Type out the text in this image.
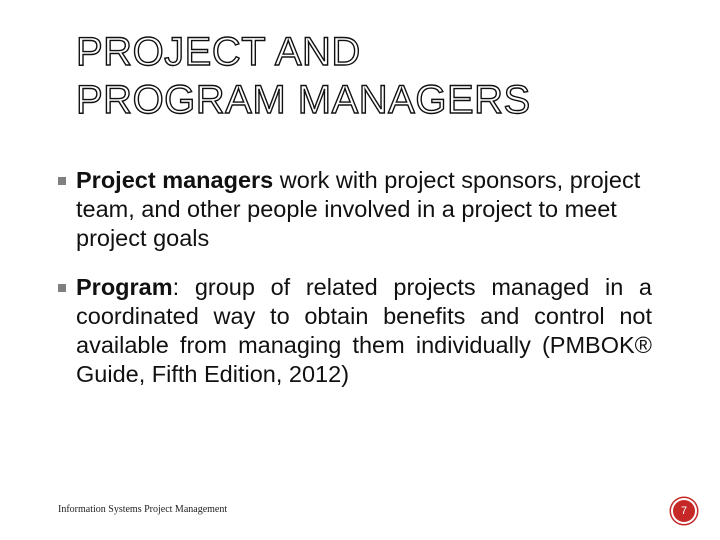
PROJECT AND
PROGRAM MANAGERS
Project managers work with project sponsors, project team, and other people involved in a project to meet project goals
Program: group of related projects managed in a coordinated way to obtain benefits and control not available from managing them individually (PMBOK® Guide, Fifth Edition, 2012)
Information Systems Project Management	7
